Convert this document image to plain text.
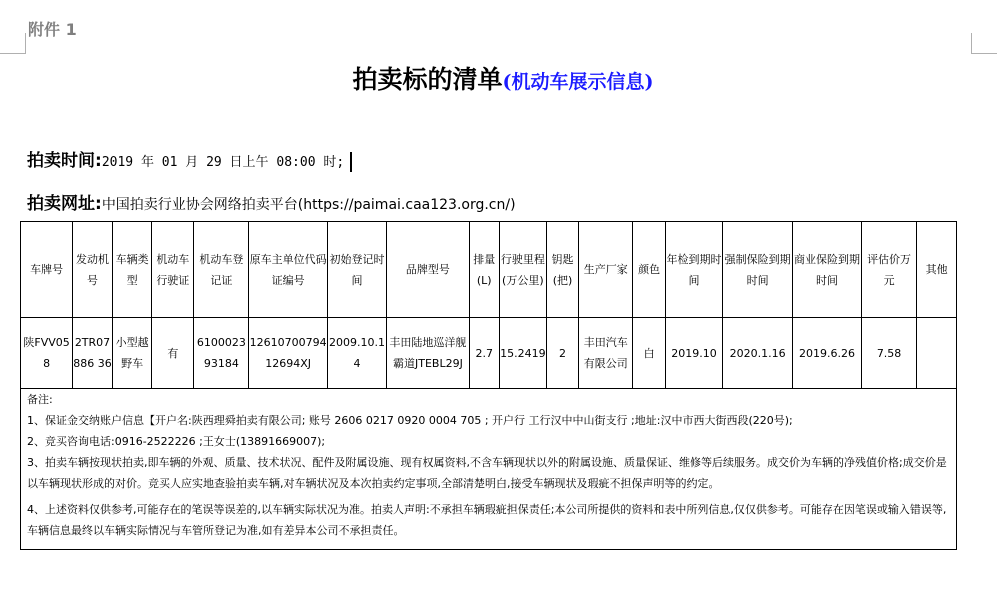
附件 1
拍卖标的清单(机动车展示信息)
拍卖时间:2019 年 01 月 29 日上午 08:00 时;
拍卖网址:中国拍卖行业协会网络拍卖平台(https://paimai.caa123.org.cn/)
车牌号	发动机号	车辆类型	机动车行驶证	机动车登记证	原车主单位代码证编号	初始登记时间	品牌型号	排量(L)	行驶里程(万公里)	钥匙(把)	生产厂家	颜色	年检到期时间	强制保险到期时间	商业保险到期时间	评估价万元	其他
陕FVV058	2TR07886 36	小型越野车	有	610002393184	1261070079412694XJ	2009.10.14	丰田陆地巡洋舰霸道JTEBL29J	2.7	15.2419	2	丰田汽车有限公司	白	2019.10	2020.1.16	2019.6.26	7.58	

备注:

1、保证金交纳账户信息【开户名:陕西理舜拍卖有限公司; 账号 2606 0217 0920 0004 705 ; 开户行 工行汉中中山街支行 ;地址:汉中市西大街西段(220号);

2、竞买咨询电话:0916-2522226 ;王女士(13891669007);

3、拍卖车辆按现状拍卖,即车辆的外观、质量、技术状况、配件及附属设施、现有权属资料,不含车辆现状以外的附属设施、质量保证、维修等后续服务。成交价为车辆的净残值价格;成交价是以车辆现状形成的对价。竞买人应实地查验拍卖车辆,对车辆状况及本次拍卖约定事项,全部清楚明白,接受车辆现状及瑕疵不担保声明等的约定。

4、上述资料仅供参考,可能存在的笔误等误差的,以车辆实际状况为准。拍卖人声明:不承担车辆瑕疵担保责任;本公司所提供的资料和表中所列信息,仅仅供参考。可能存在因笔误或输入错误等,车辆信息最终以车辆实际情况与车管所登记为准,如有差异本公司不承担责任。																	
